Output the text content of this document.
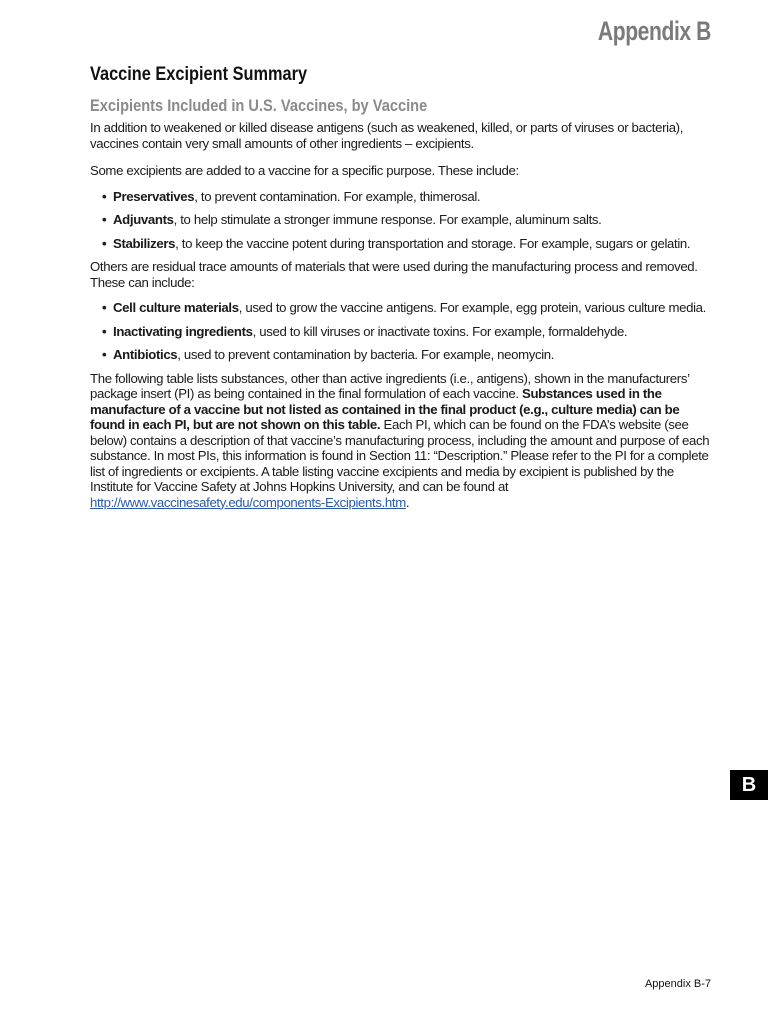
Appendix B
Vaccine Excipient Summary
Excipients Included in U.S. Vaccines, by Vaccine

In addition to weakened or killed disease antigens (such as weakened, killed, or parts of viruses or bacteria), vaccines contain very small amounts of other ingredients – excipients.

Some excipients are added to a vaccine for a specific purpose. These include:

• Preservatives, to prevent contamination. For example, thimerosal.
• Adjuvants, to help stimulate a stronger immune response. For example, aluminum salts.
• Stabilizers, to keep the vaccine potent during transportation and storage. For example, sugars or gelatin.

Others are residual trace amounts of materials that were used during the manufacturing process and removed. These can include:

• Cell culture materials, used to grow the vaccine antigens. For example, egg protein, various culture media.
• Inactivating ingredients, used to kill viruses or inactivate toxins. For example, formaldehyde.
• Antibiotics, used to prevent contamination by bacteria. For example, neomycin.

The following table lists substances, other than active ingredients (i.e., antigens), shown in the manufacturers’ package insert (PI) as being contained in the final formulation of each vaccine. Substances used in the manufacture of a vaccine but not listed as contained in the final product (e.g., culture media) can be found in each PI, but are not shown on this table. Each PI, which can be found on the FDA’s website (see below) contains a description of that vaccine’s manufacturing process, including the amount and purpose of each substance. In most PIs, this information is found in Section 11: “Description.” Please refer to the PI for a complete list of ingredients or excipients. A table listing vaccine excipients and media by excipient is published by the Institute for Vaccine Safety at Johns Hopkins University, and can be found at http://www.vaccinesafety.edu/components-Excipients.htm.

B
Appendix B-7
